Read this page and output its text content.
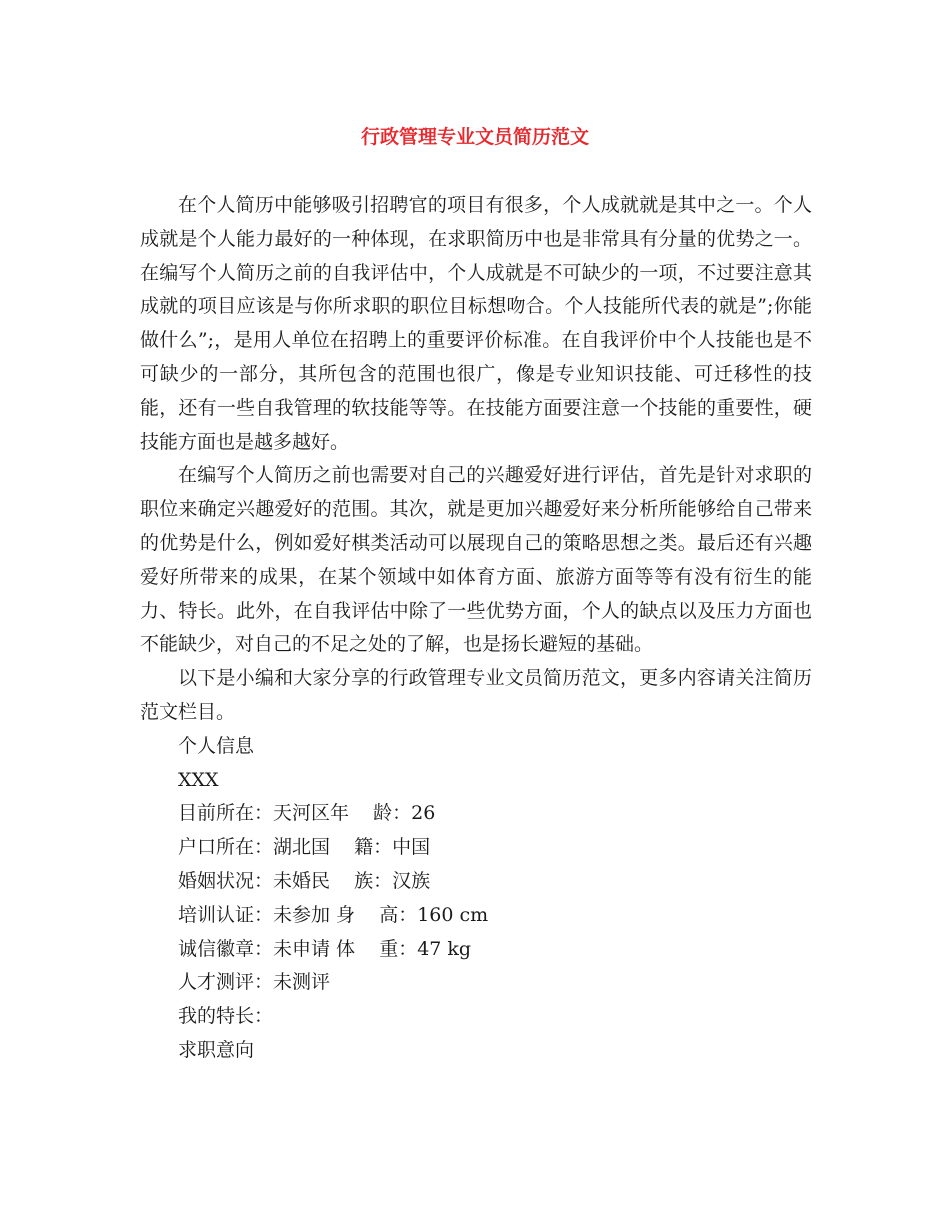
行政管理专业文员简历范文

在个人简历中能够吸引招聘官的项目有很多，个人成就就是其中之一。个人成就是个人能力最好的一种体现，在求职简历中也是非常具有分量的优势之一。在编写个人简历之前的自我评估中，个人成就是不可缺少的一项，不过要注意其成就的项目应该是与你所求职的职位目标想吻合。个人技能所代表的就是”;你能做什么”;，是用人单位在招聘上的重要评价标准。在自我评价中个人技能也是不可缺少的一部分，其所包含的范围也很广，像是专业知识技能、可迁移性的技能，还有一些自我管理的软技能等等。在技能方面要注意一个技能的重要性，硬技能方面也是越多越好。

在编写个人简历之前也需要对自己的兴趣爱好进行评估，首先是针对求职的职位来确定兴趣爱好的范围。其次，就是更加兴趣爱好来分析所能够给自己带来的优势是什么，例如爱好棋类活动可以展现自己的策略思想之类。最后还有兴趣爱好所带来的成果，在某个领域中如体育方面、旅游方面等等有没有衍生的能力、特长。此外，在自我评估中除了一些优势方面，个人的缺点以及压力方面也不能缺少，对自己的不足之处的了解，也是扬长避短的基础。

以下是小编和大家分享的行政管理专业文员简历范文，更多内容请关注简历范文栏目。

个人信息
XXX
目前所在：天河区年    龄：26
户口所在：湖北国    籍：中国
婚姻状况：未婚民    族：汉族
培训认证：未参加 身    高：160 cm
诚信徽章：未申请 体    重：47 kg
人才测评：未测评
我的特长：
求职意向
